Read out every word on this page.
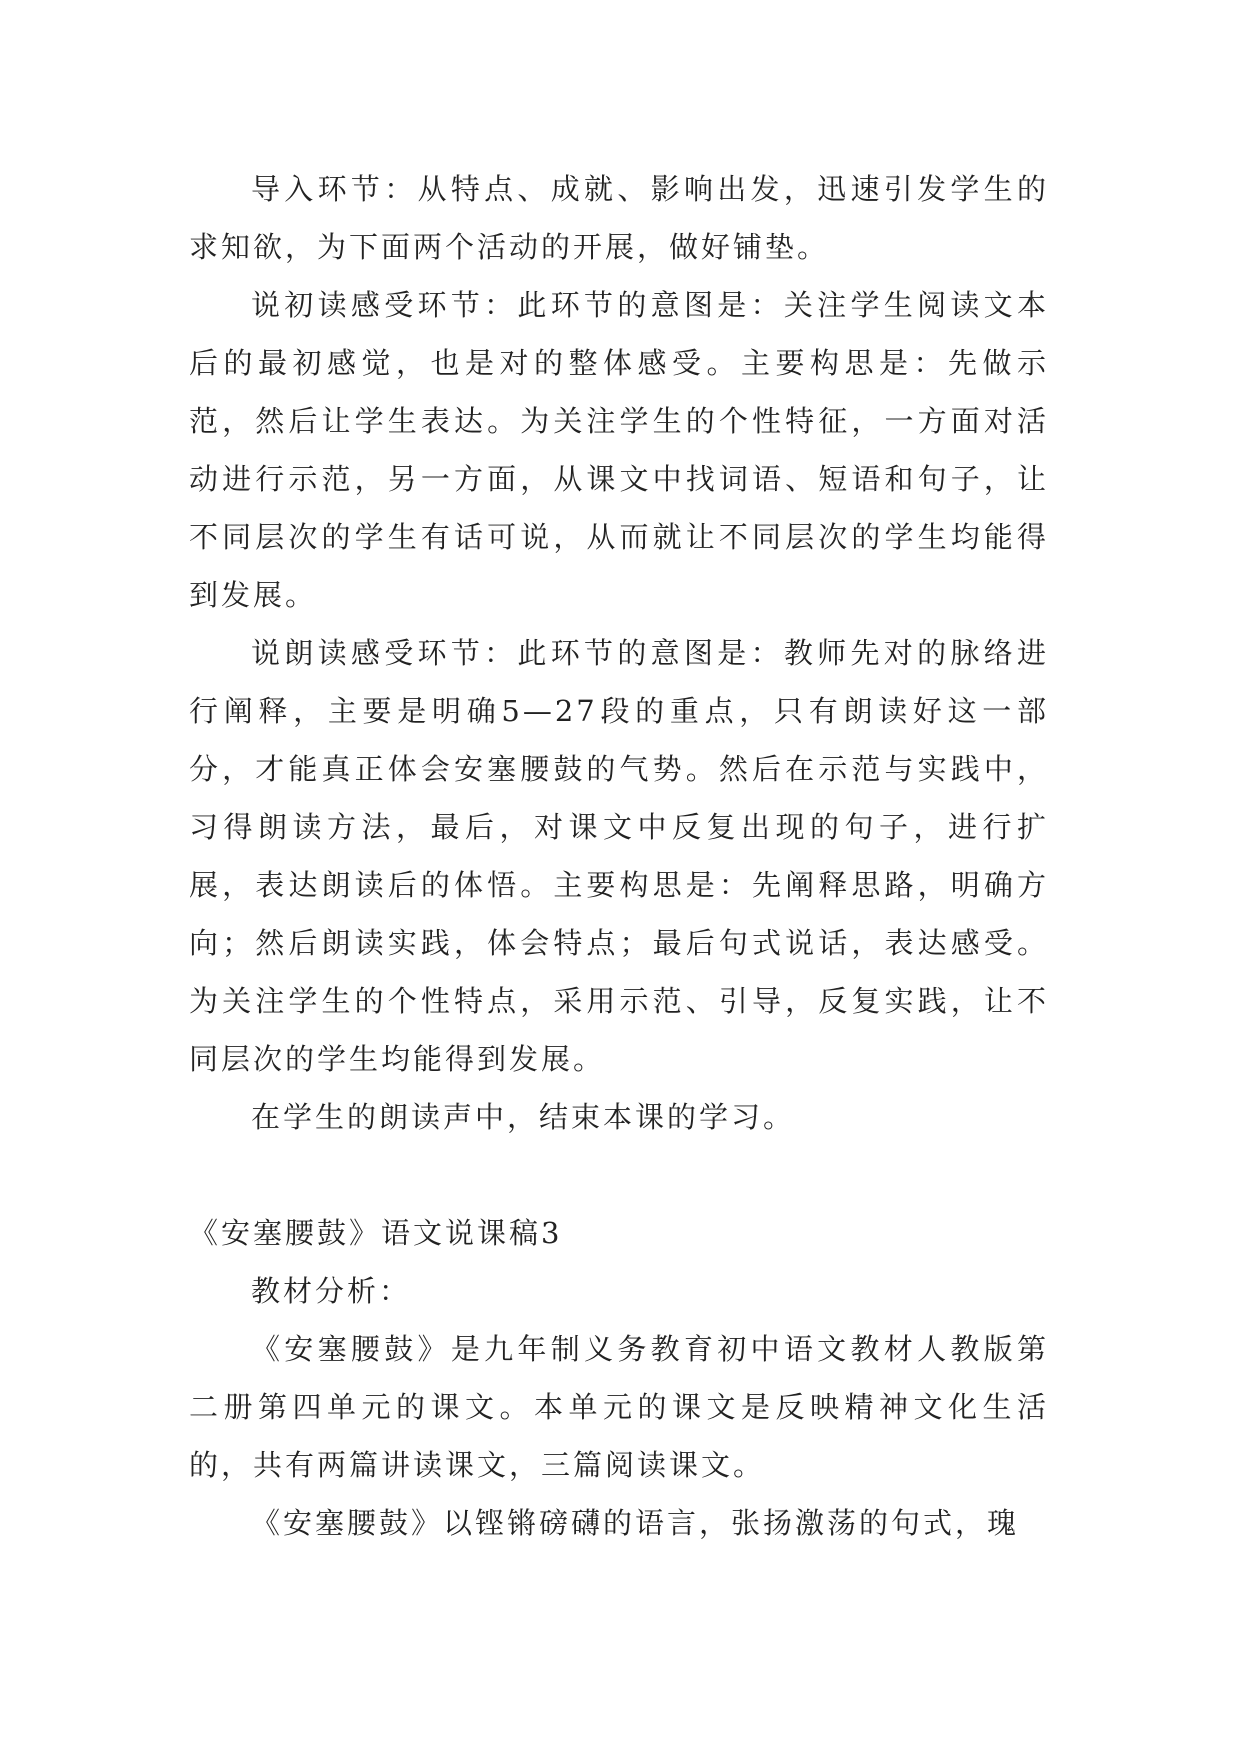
导入环节：从特点、成就、影响出发，迅速引发学生的求知欲，为下面两个活动的开展，做好铺垫。

说初读感受环节：此环节的意图是：关注学生阅读文本后的最初感觉，也是对的整体感受。主要构思是：先做示范，然后让学生表达。为关注学生的个性特征，一方面对活动进行示范，另一方面，从课文中找词语、短语和句子，让不同层次的学生有话可说，从而就让不同层次的学生均能得到发展。

说朗读感受环节：此环节的意图是：教师先对的脉络进行阐释，主要是明确5—27段的重点，只有朗读好这一部分，才能真正体会安塞腰鼓的气势。然后在示范与实践中，习得朗读方法，最后，对课文中反复出现的句子，进行扩展，表达朗读后的体悟。主要构思是：先阐释思路，明确方向；然后朗读实践，体会特点；最后句式说话，表达感受。为关注学生的个性特点，采用示范、引导，反复实践，让不同层次的学生均能得到发展。

在学生的朗读声中，结束本课的学习。

《安塞腰鼓》语文说课稿3

教材分析：

《安塞腰鼓》是九年制义务教育初中语文教材人教版第二册第四单元的课文。本单元的课文是反映精神文化生活的，共有两篇讲读课文，三篇阅读课文。

《安塞腰鼓》以铿锵磅礴的语言，张扬激荡的句式，瑰
